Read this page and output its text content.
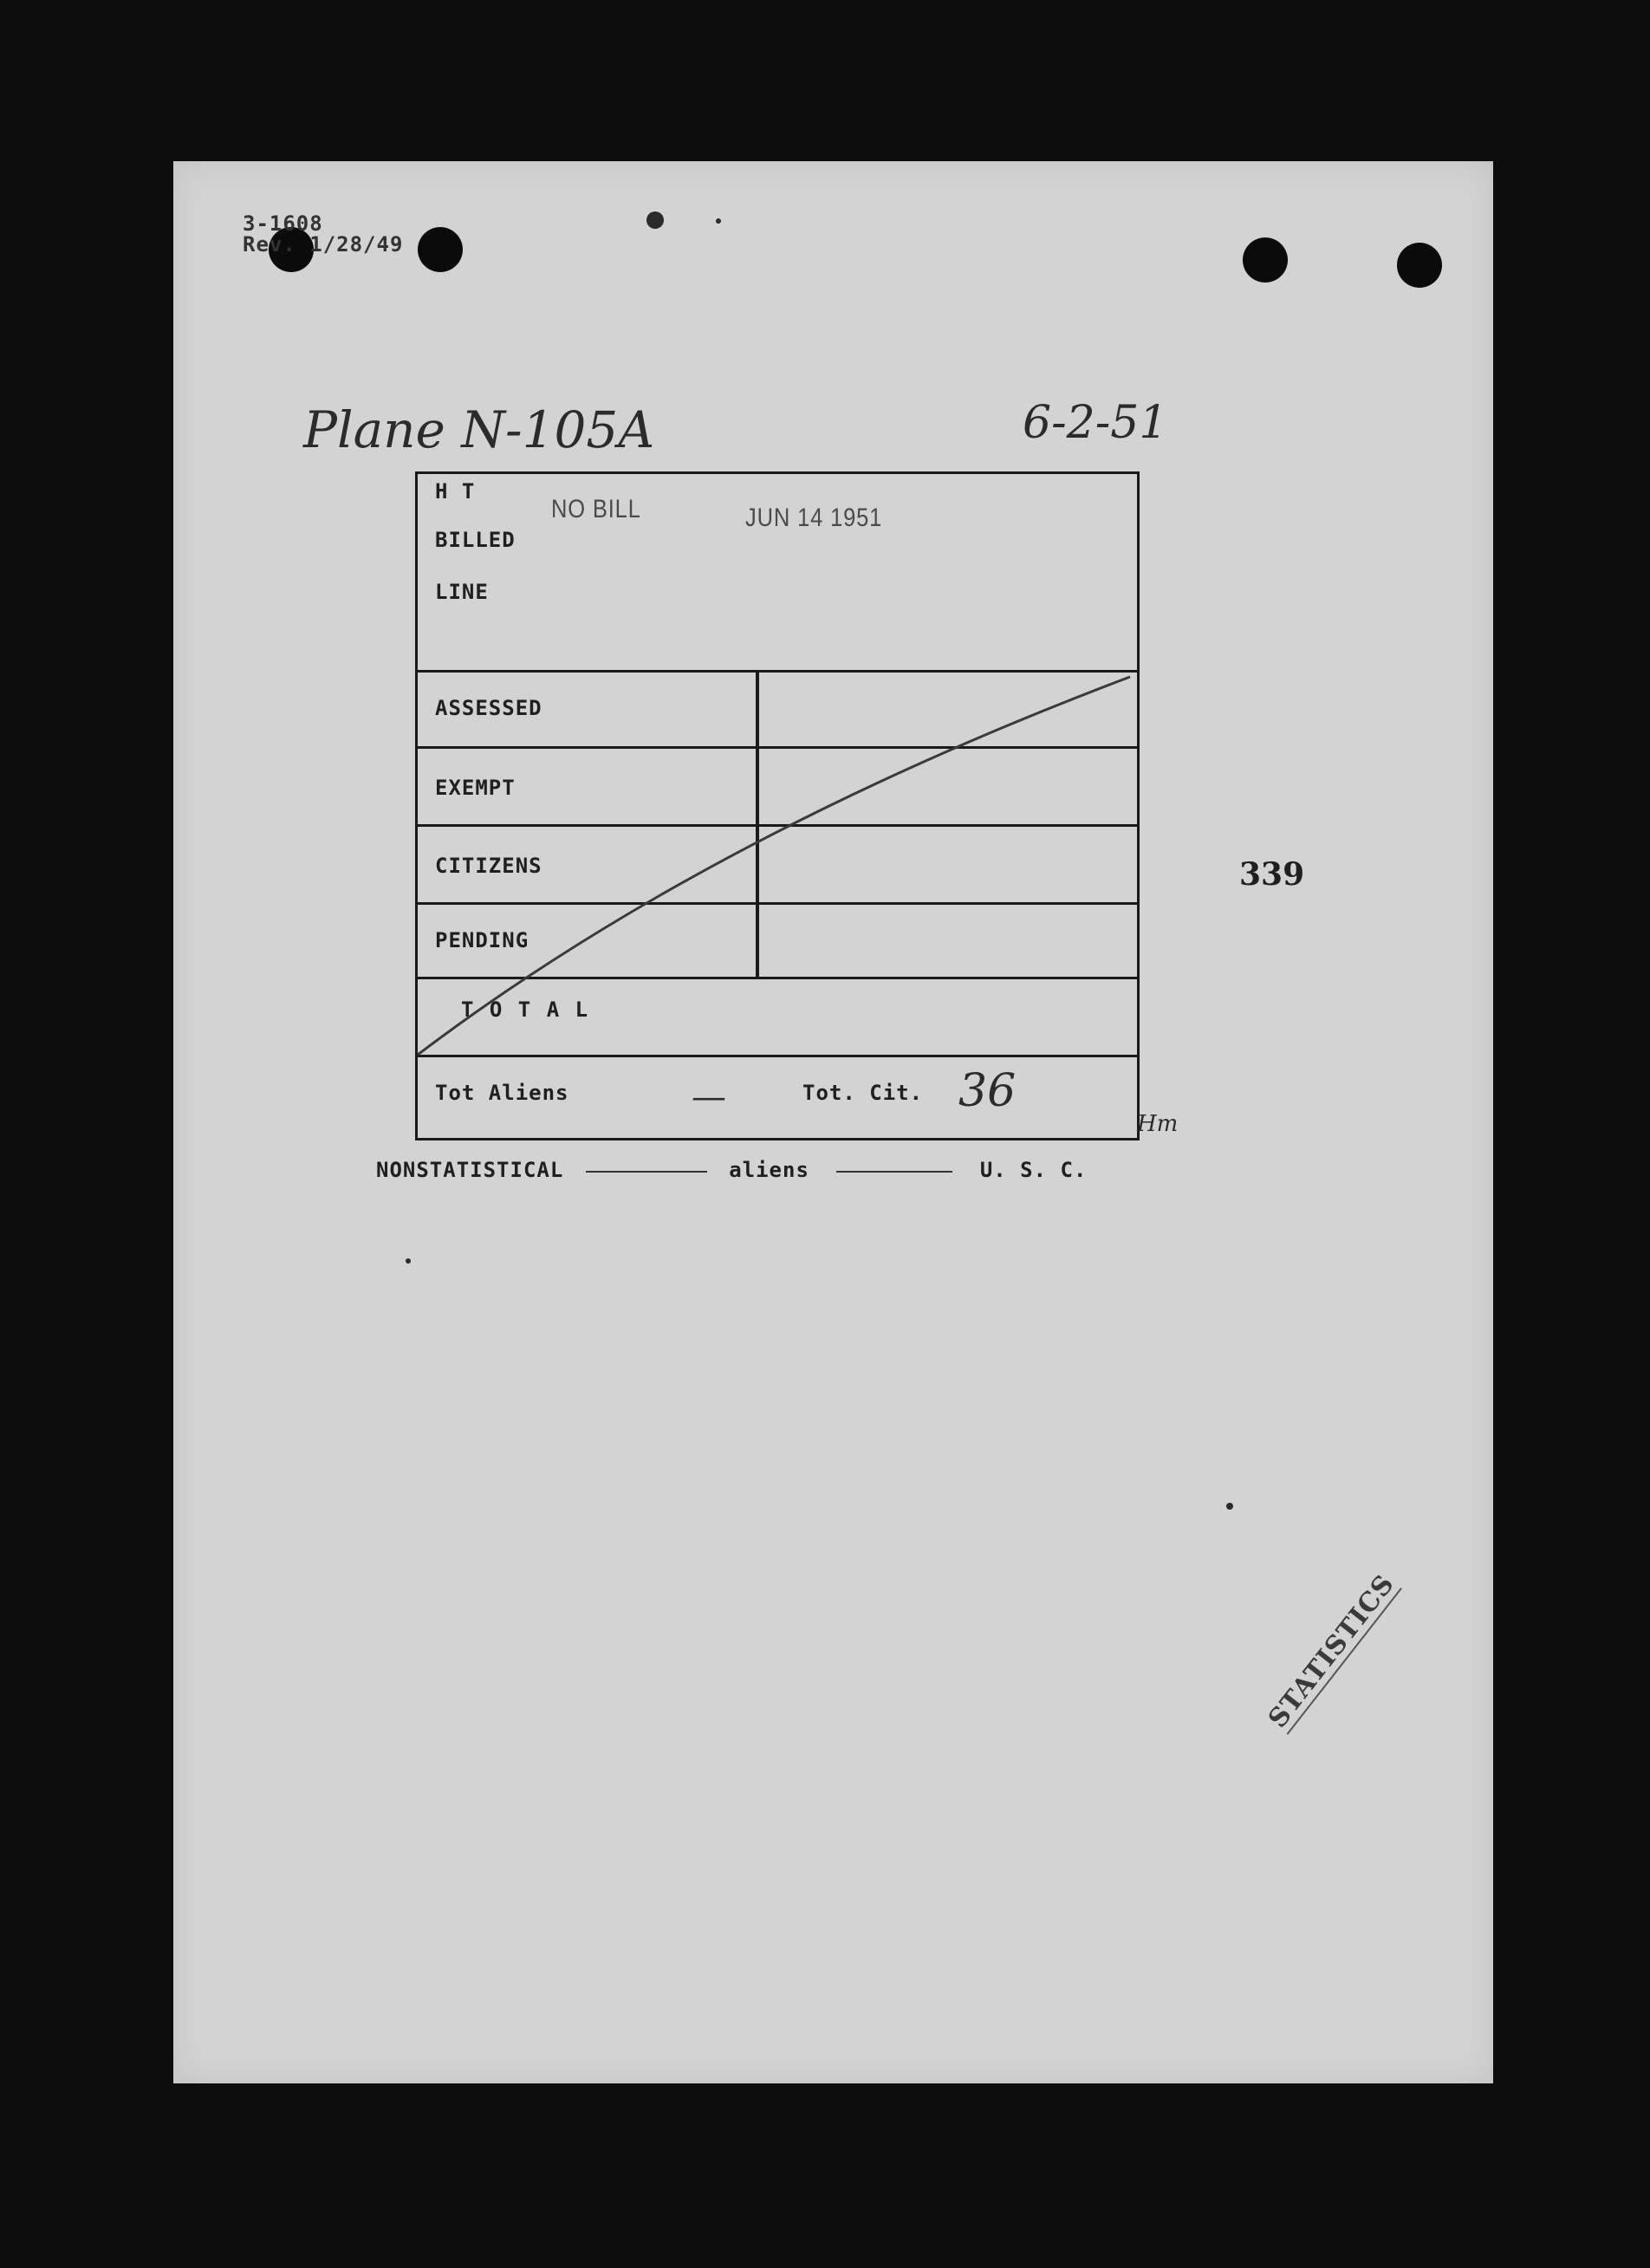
3-1608
Rev. 1/28/49
Plane N-105A	6-2-51
339
H T
BILLED
LINE
NO BILL	JUN 14 1951
ASSESSED
EXEMPT
CITIZENS
PENDING
T O T A L
Tot Aliens	—	Tot. Cit. 36
Hm
NONSTATISTICAL	aliens	U. S. C.
STATISTICS
